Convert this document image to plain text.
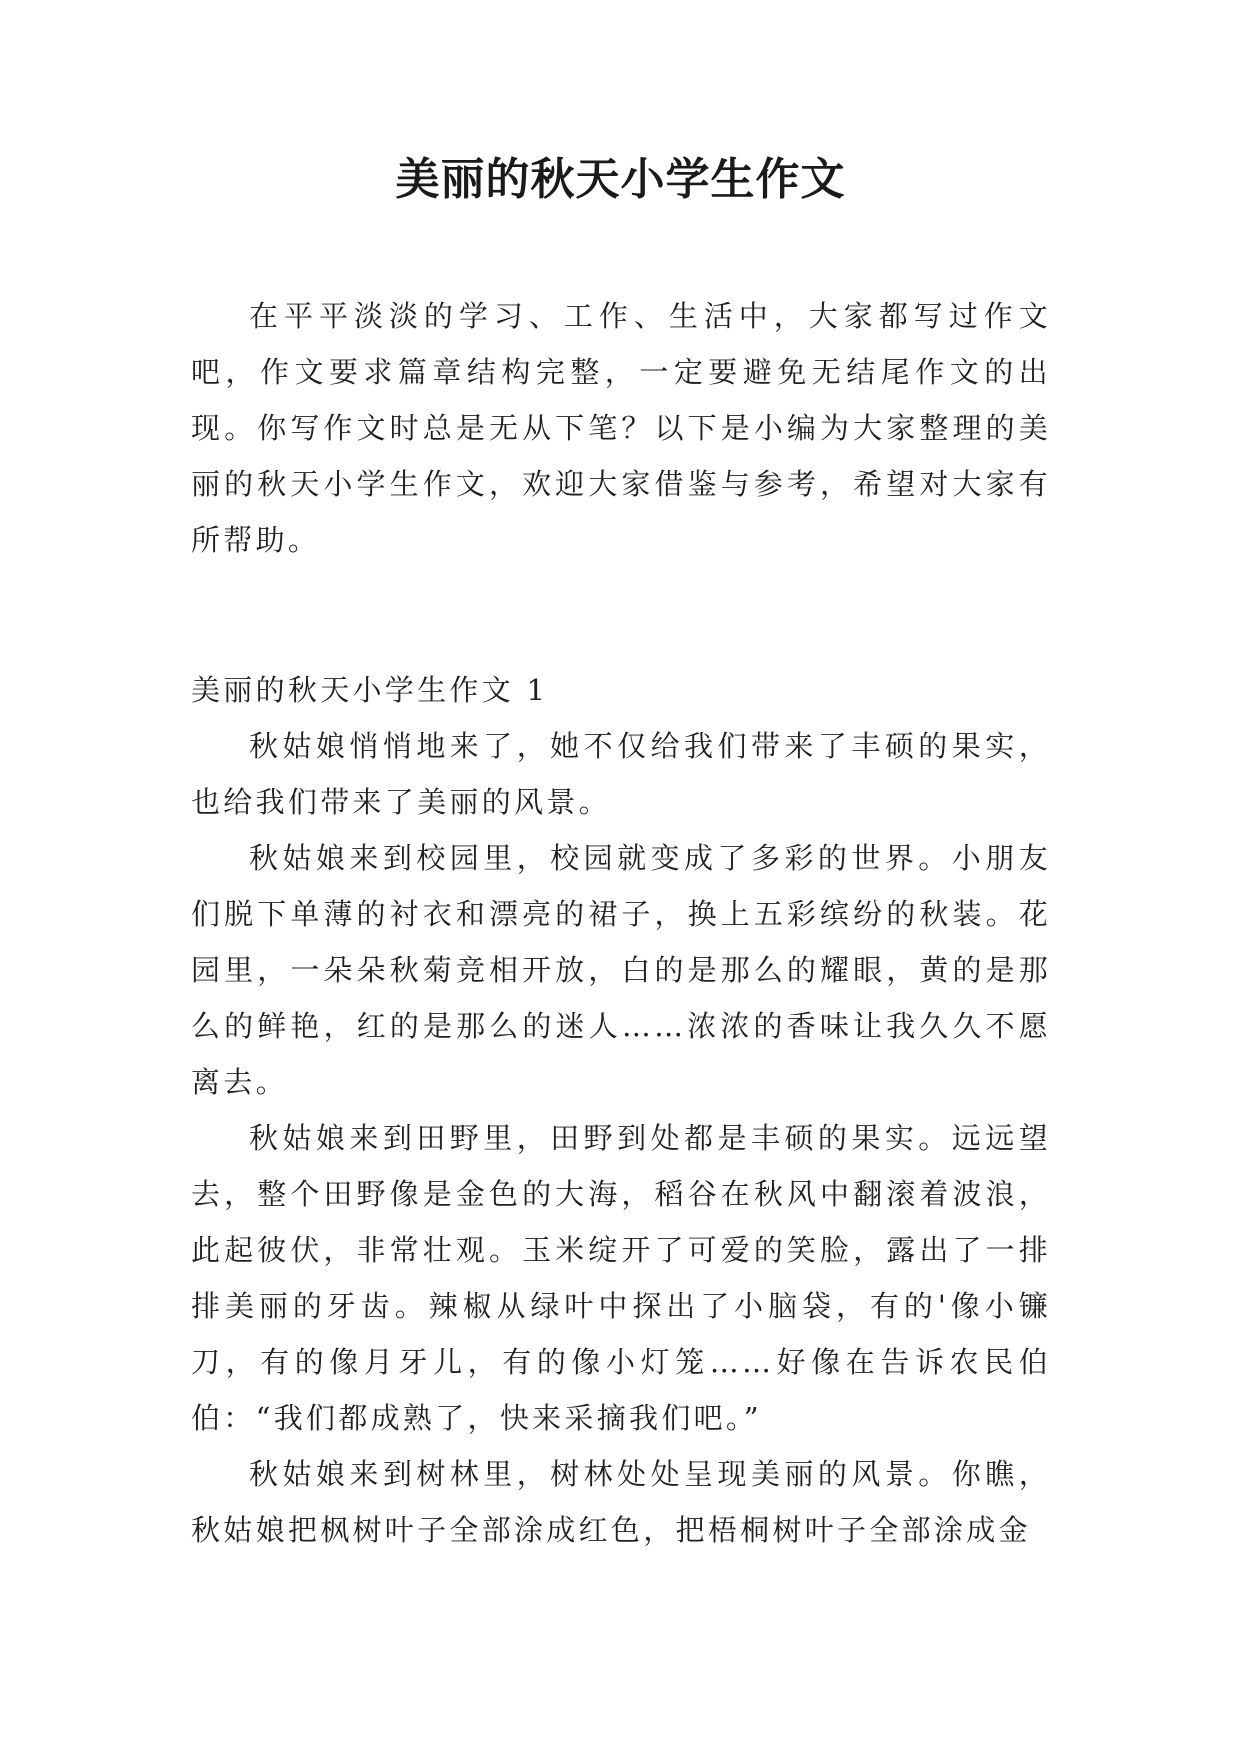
美丽的秋天小学生作文

在平平淡淡的学习、工作、生活中，大家都写过作文吧，作文要求篇章结构完整，一定要避免无结尾作文的出现。你写作文时总是无从下笔？以下是小编为大家整理的美丽的秋天小学生作文，欢迎大家借鉴与参考，希望对大家有所帮助。

美丽的秋天小学生作文 1

秋姑娘悄悄地来了，她不仅给我们带来了丰硕的果实，也给我们带来了美丽的风景。

秋姑娘来到校园里，校园就变成了多彩的世界。小朋友们脱下单薄的衬衣和漂亮的裙子，换上五彩缤纷的秋装。花园里，一朵朵秋菊竞相开放，白的是那么的耀眼，黄的是那么的鲜艳，红的是那么的迷人……浓浓的香味让我久久不愿离去。

秋姑娘来到田野里，田野到处都是丰硕的果实。远远望去，整个田野像是金色的大海，稻谷在秋风中翻滚着波浪，此起彼伏，非常壮观。玉米绽开了可爱的笑脸，露出了一排排美丽的牙齿。辣椒从绿叶中探出了小脑袋，有的'像小镰刀，有的像月牙儿，有的像小灯笼……好像在告诉农民伯伯：“我们都成熟了，快来采摘我们吧。”

秋姑娘来到树林里，树林处处呈现美丽的风景。你瞧，秋姑娘把枫树叶子全部涂成红色，把梧桐树叶子全部涂成金
